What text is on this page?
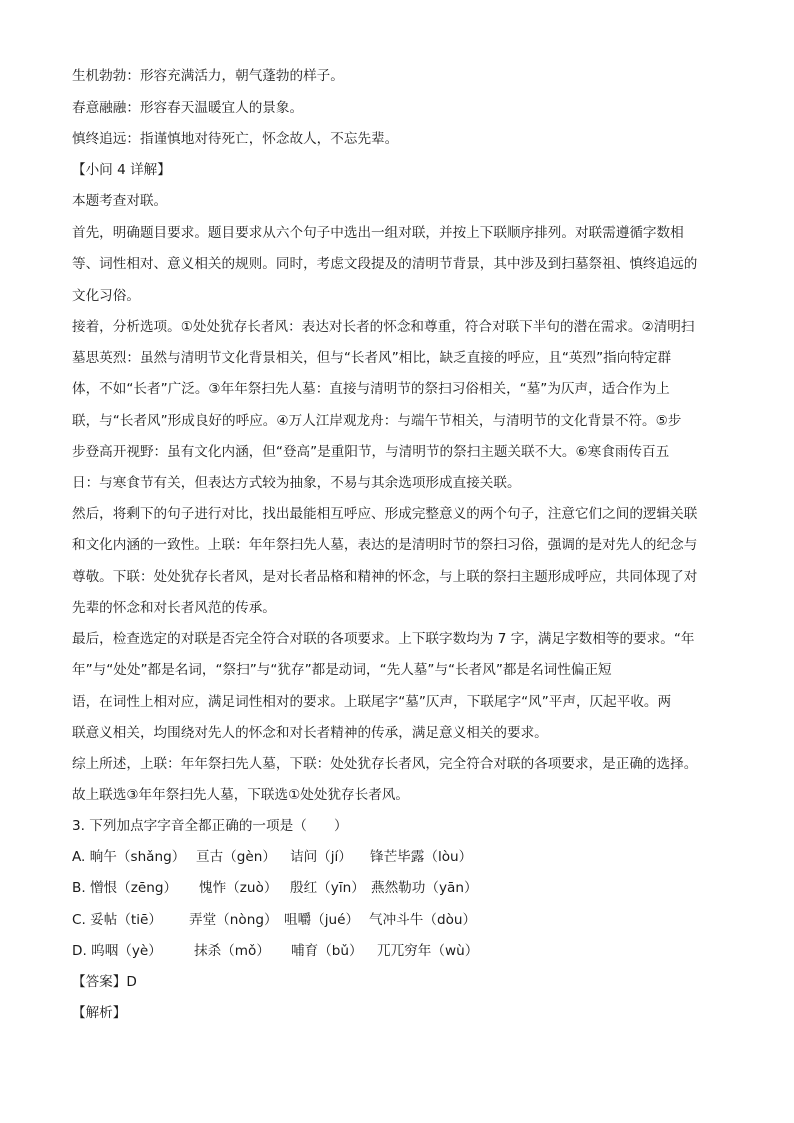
生机勃勃：形容充满活力，朝气蓬勃的样子。
春意融融：形容春天温暖宜人的景象。
慎终追远：指谨慎地对待死亡，怀念故人，不忘先辈。
【小问 4 详解】
本题考查对联。
首先，明确题目要求。题目要求从六个句子中选出一组对联，并按上下联顺序排列。对联需遵循字数相
等、词性相对、意义相关的规则。同时，考虑文段提及的清明节背景，其中涉及到扫墓祭祖、慎终追远的
文化习俗。
接着，分析选项。①处处犹存长者风：表达对长者的怀念和尊重，符合对联下半句的潜在需求。②清明扫
墓思英烈：虽然与清明节文化背景相关，但与“长者风”相比，缺乏直接的呼应，且“英烈”指向特定群
体，不如“长者”广泛。③年年祭扫先人墓：直接与清明节的祭扫习俗相关，“墓”为仄声，适合作为上
联，与“长者风”形成良好的呼应。④万人江岸观龙舟：与端午节相关，与清明节的文化背景不符。⑤步
步登高开视野：虽有文化内涵，但“登高”是重阳节，与清明节的祭扫主题关联不大。⑥寒食雨传百五
日：与寒食节有关，但表达方式较为抽象，不易与其余选项形成直接关联。
然后，将剩下的句子进行对比，找出最能相互呼应、形成完整意义的两个句子，注意它们之间的逻辑关联
和文化内涵的一致性。上联：年年祭扫先人墓，表达的是清明时节的祭扫习俗，强调的是对先人的纪念与
尊敬。下联：处处犹存长者风，是对长者品格和精神的怀念，与上联的祭扫主题形成呼应，共同体现了对
先辈的怀念和对长者风范的传承。
最后，检查选定的对联是否完全符合对联的各项要求。上下联字数均为 7 字，满足字数相等的要求。“年
年”与“处处”都是名词，“祭扫”与“犹存”都是动词，“先人墓”与“长者风”都是名词性偏正短
语，在词性上相对应，满足词性相对的要求。上联尾字“墓”仄声，下联尾字“风”平声，仄起平收。两
联意义相关，均围绕对先人的怀念和对长者精神的传承，满足意义相关的要求。
综上所述，上联：年年祭扫先人墓，下联：处处犹存长者风，完全符合对联的各项要求，是正确的选择。
故上联选③年年祭扫先人墓，下联选①处处犹存长者风。
3. 下列加点字字音全都正确的一项是（　　）
A. 晌午（shǎng） 亘古（gèn） 诘问（jí） 锋芒毕露（lòu）
B. 憎恨（zēng） 愧怍（zuò） 殷红（yīn） 燕然勒功（yān）
C. 妥帖（tiē） 弄堂（nòng） 咀嚼（jué） 气冲斗牛（dòu）
D. 呜咽（yè） 抹杀（mǒ） 哺育（bǔ） 兀兀穷年（wù）
【答案】D
【解析】
